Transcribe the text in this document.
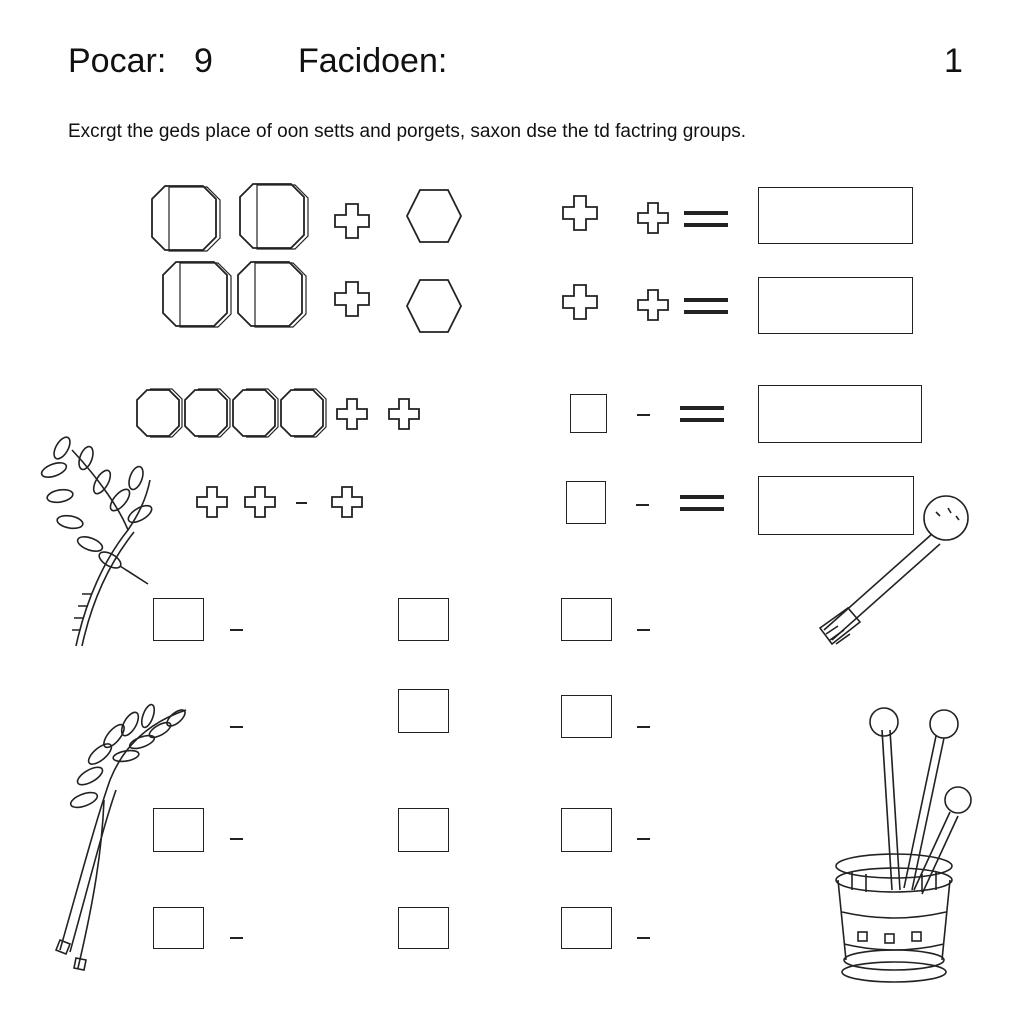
Pocar: 9	Facidoen:	1
Excrgt the geds place of oon setts and porgets, saxon dse the td factring groups.
